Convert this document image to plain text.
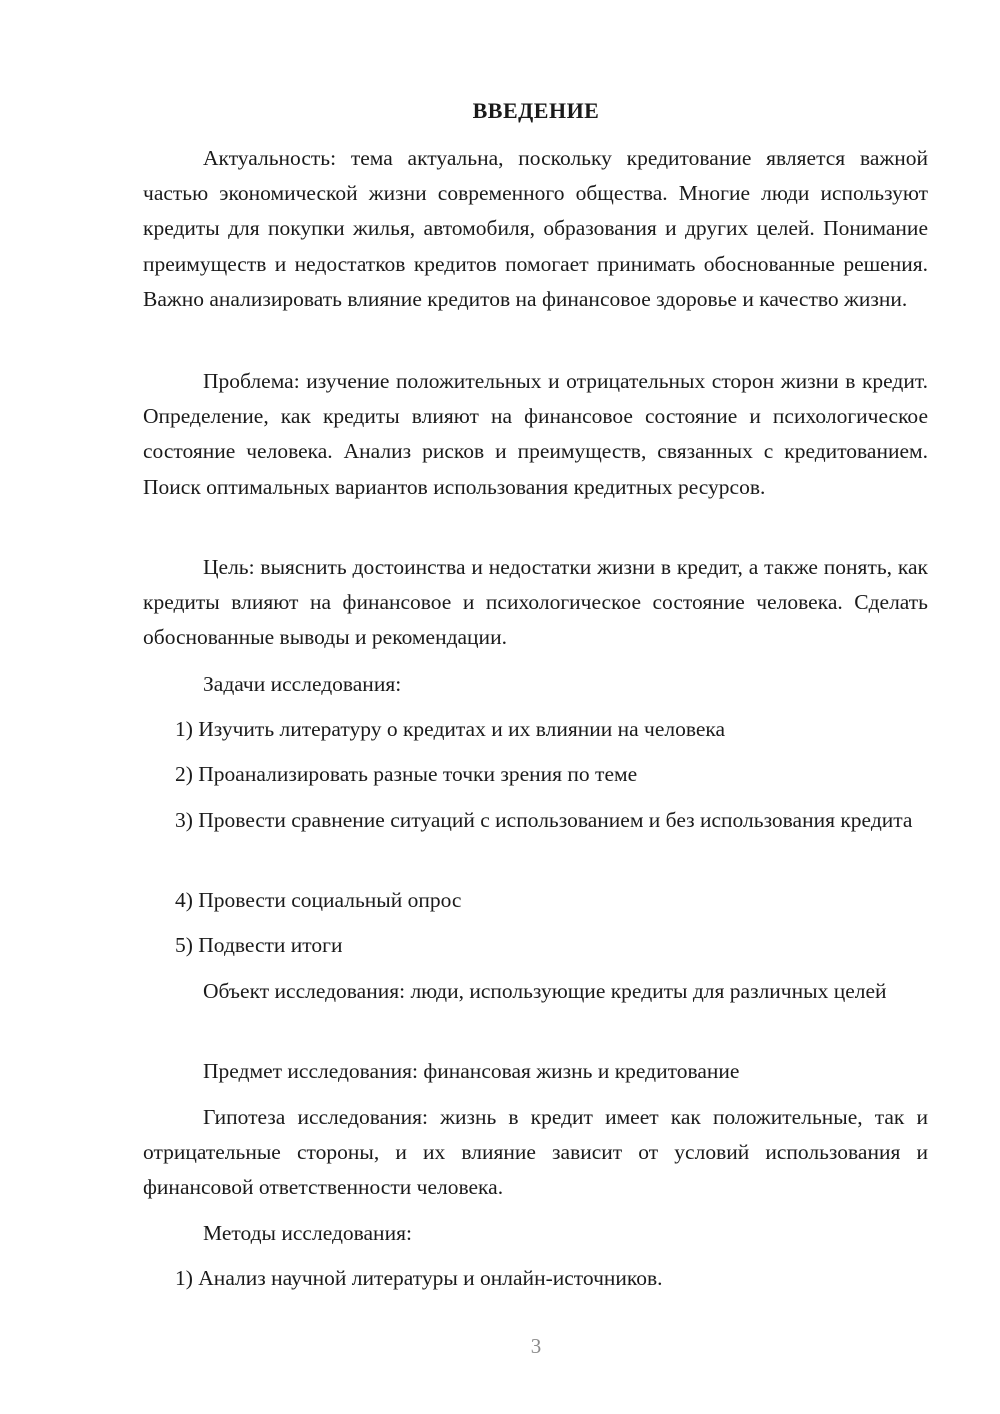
ВВЕДЕНИЕ

Актуальность: тема актуальна, поскольку кредитование является важной частью экономической жизни современного общества. Многие люди используют кредиты для покупки жилья, автомобиля, образования и других целей. Понимание преимуществ и недостатков кредитов помогает принимать обоснованные решения. Важно анализировать влияние кредитов на финансовое здоровье и качество жизни.

Проблема: изучение положительных и отрицательных сторон жизни в кредит. Определение, как кредиты влияют на финансовое состояние и психологическое состояние человека. Анализ рисков и преимуществ, связанных с кредитованием. Поиск оптимальных вариантов использования кредитных ресурсов.

Цель: выяснить достоинства и недостатки жизни в кредит, а также понять, как кредиты влияют на финансовое и психологическое состояние человека. Сделать обоснованные выводы и рекомендации.

Задачи исследования:

1) Изучить литературу о кредитах и их влиянии на человека

2) Проанализировать разные точки зрения по теме

3) Провести сравнение ситуаций с использованием и без использования кредита

4) Провести социальный опрос

5) Подвести итоги

Объект исследования: люди, использующие кредиты для различных целей

Предмет исследования: финансовая жизнь и кредитование

Гипотеза исследования: жизнь в кредит имеет как положительные, так и отрицательные стороны, и их влияние зависит от условий использования и финансовой ответственности человека.

Методы исследования:

1) Анализ научной литературы и онлайн-источников.

3
